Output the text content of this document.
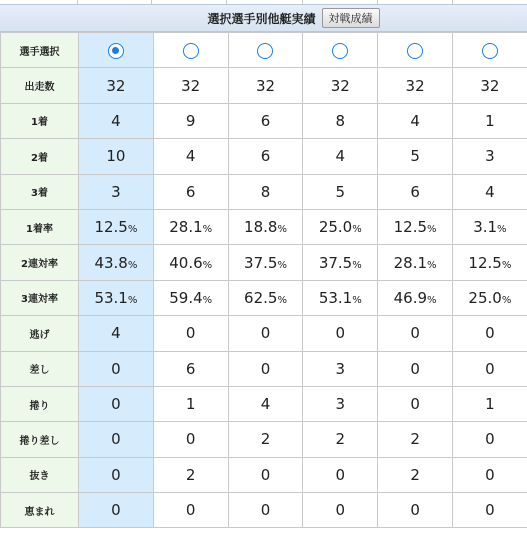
選択選手別他艇実績	対戦成績
選手選択						
出走数	32	32	32	32	32	32
1着	4	9	6	8	4	1
2着	10	4	6	4	5	3
3着	3	6	8	5	6	4
1着率	12.5%	28.1%	18.8%	25.0%	12.5%	3.1%
2連対率	43.8%	40.6%	37.5%	37.5%	28.1%	12.5%
3連対率	53.1%	59.4%	62.5%	53.1%	46.9%	25.0%
逃げ	4	0	0	0	0	0
差し	0	6	0	3	0	0
捲り	0	1	4	3	0	1
捲り差し	0	0	2	2	2	0
抜き	0	2	0	0	2	0
恵まれ	0	0	0	0	0	0
